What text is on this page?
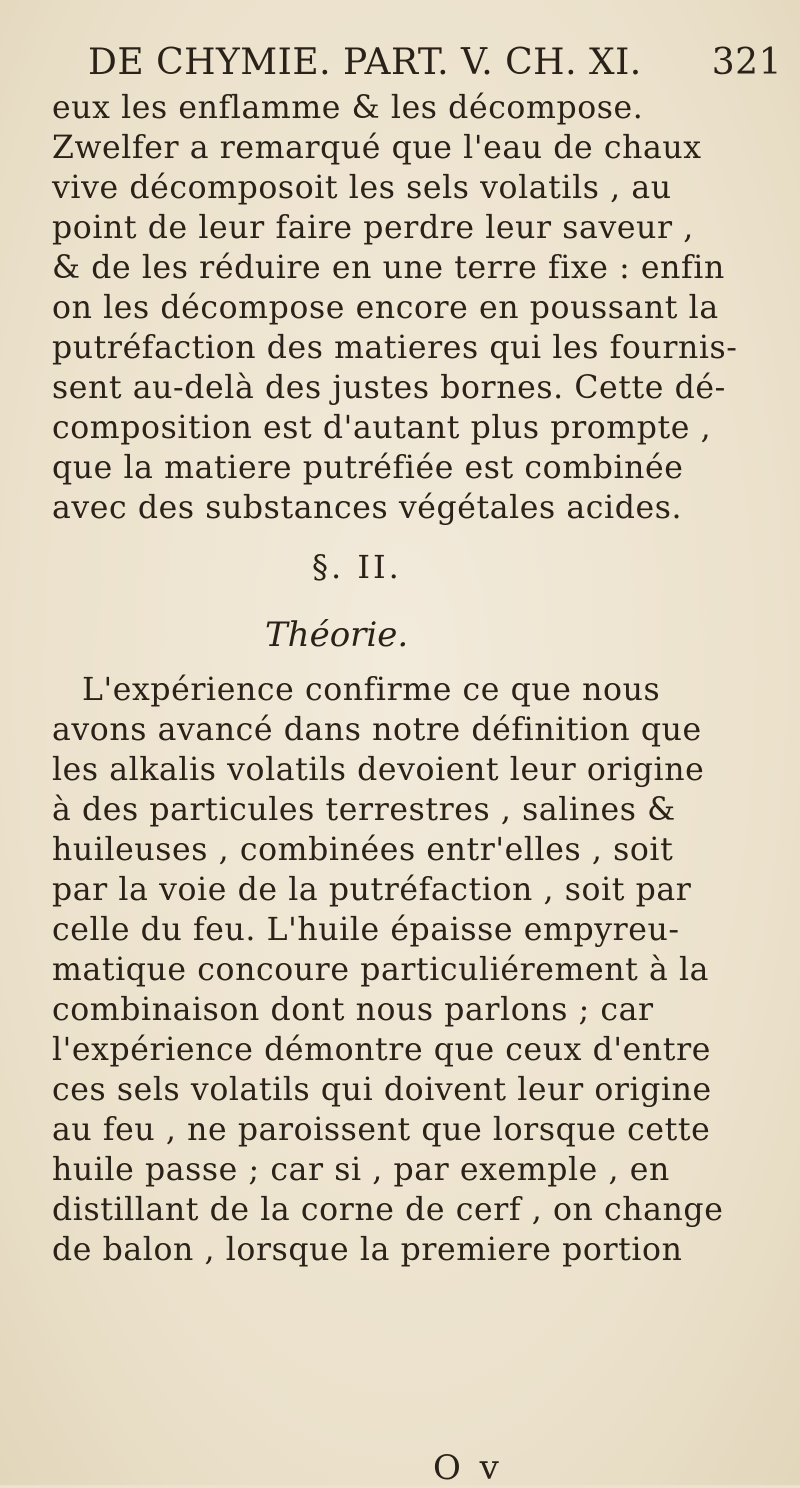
DE CHYMIE. PART. V. CH. XI. 321
eux les enflamme & les décompose.
Zwelfer a remarqué que l'eau de chaux
vive décomposoit les sels volatils , au
point de leur faire perdre leur saveur ,
& de les réduire en une terre fixe : enfin
on les décompose encore en poussant la
putréfaction des matieres qui les fournis-
sent au-delà des justes bornes. Cette dé-
composition est d'autant plus prompte ,
que la matiere putréfiée est combinée
avec des substances végétales acides.
L'expérience confirme ce que nous
avons avancé dans notre définition que
les alkalis volatils devoient leur origine
à des particules terrestres , salines &
huileuses , combinées entr'elles , soit
par la voie de la putréfaction , soit par
celle du feu. L'huile épaisse empyreu-
matique concoure particuliérement à la
combinaison dont nous parlons ; car
l'expérience démontre que ceux d'entre
ces sels volatils qui doivent leur origine
au feu , ne paroissent que lorsque cette
huile passe ; car si , par exemple , en
distillant de la corne de cerf , on change
de balon , lorsque la premiere portion
§. II.
Théorie.
O v
